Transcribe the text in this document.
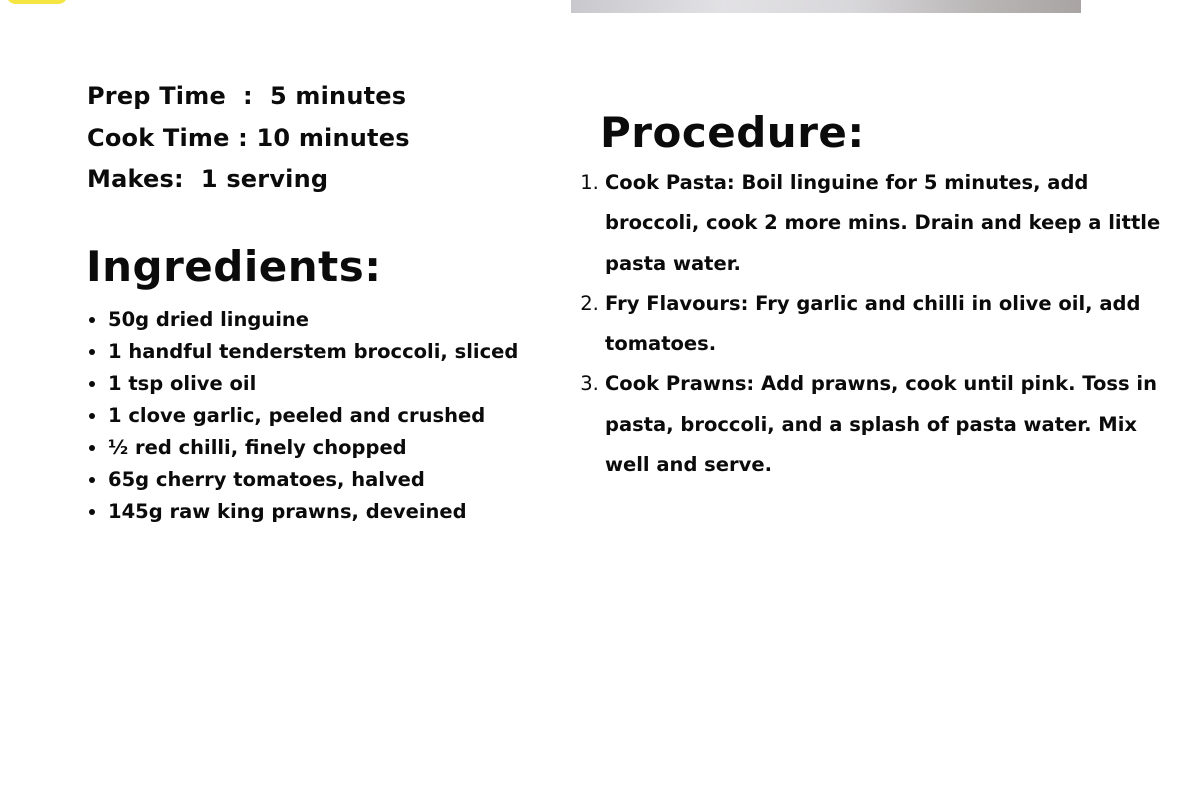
Prep Time  :  5 minutes
Cook Time : 10 minutes
Makes:  1 serving
Ingredients:
• 50g dried linguine
• 1 handful tenderstem broccoli, sliced
• 1 tsp olive oil
• 1 clove garlic, peeled and crushed
• ½ red chilli, finely chopped
• 65g cherry tomatoes, halved
• 145g raw king prawns, deveined
Procedure:
1. Cook Pasta: Boil linguine for 5 minutes, add broccoli, cook 2 more mins. Drain and keep a little pasta water.
2. Fry Flavours: Fry garlic and chilli in olive oil, add tomatoes.
3. Cook Prawns: Add prawns, cook until pink. Toss in pasta, broccoli, and a splash of pasta water. Mix well and serve.
